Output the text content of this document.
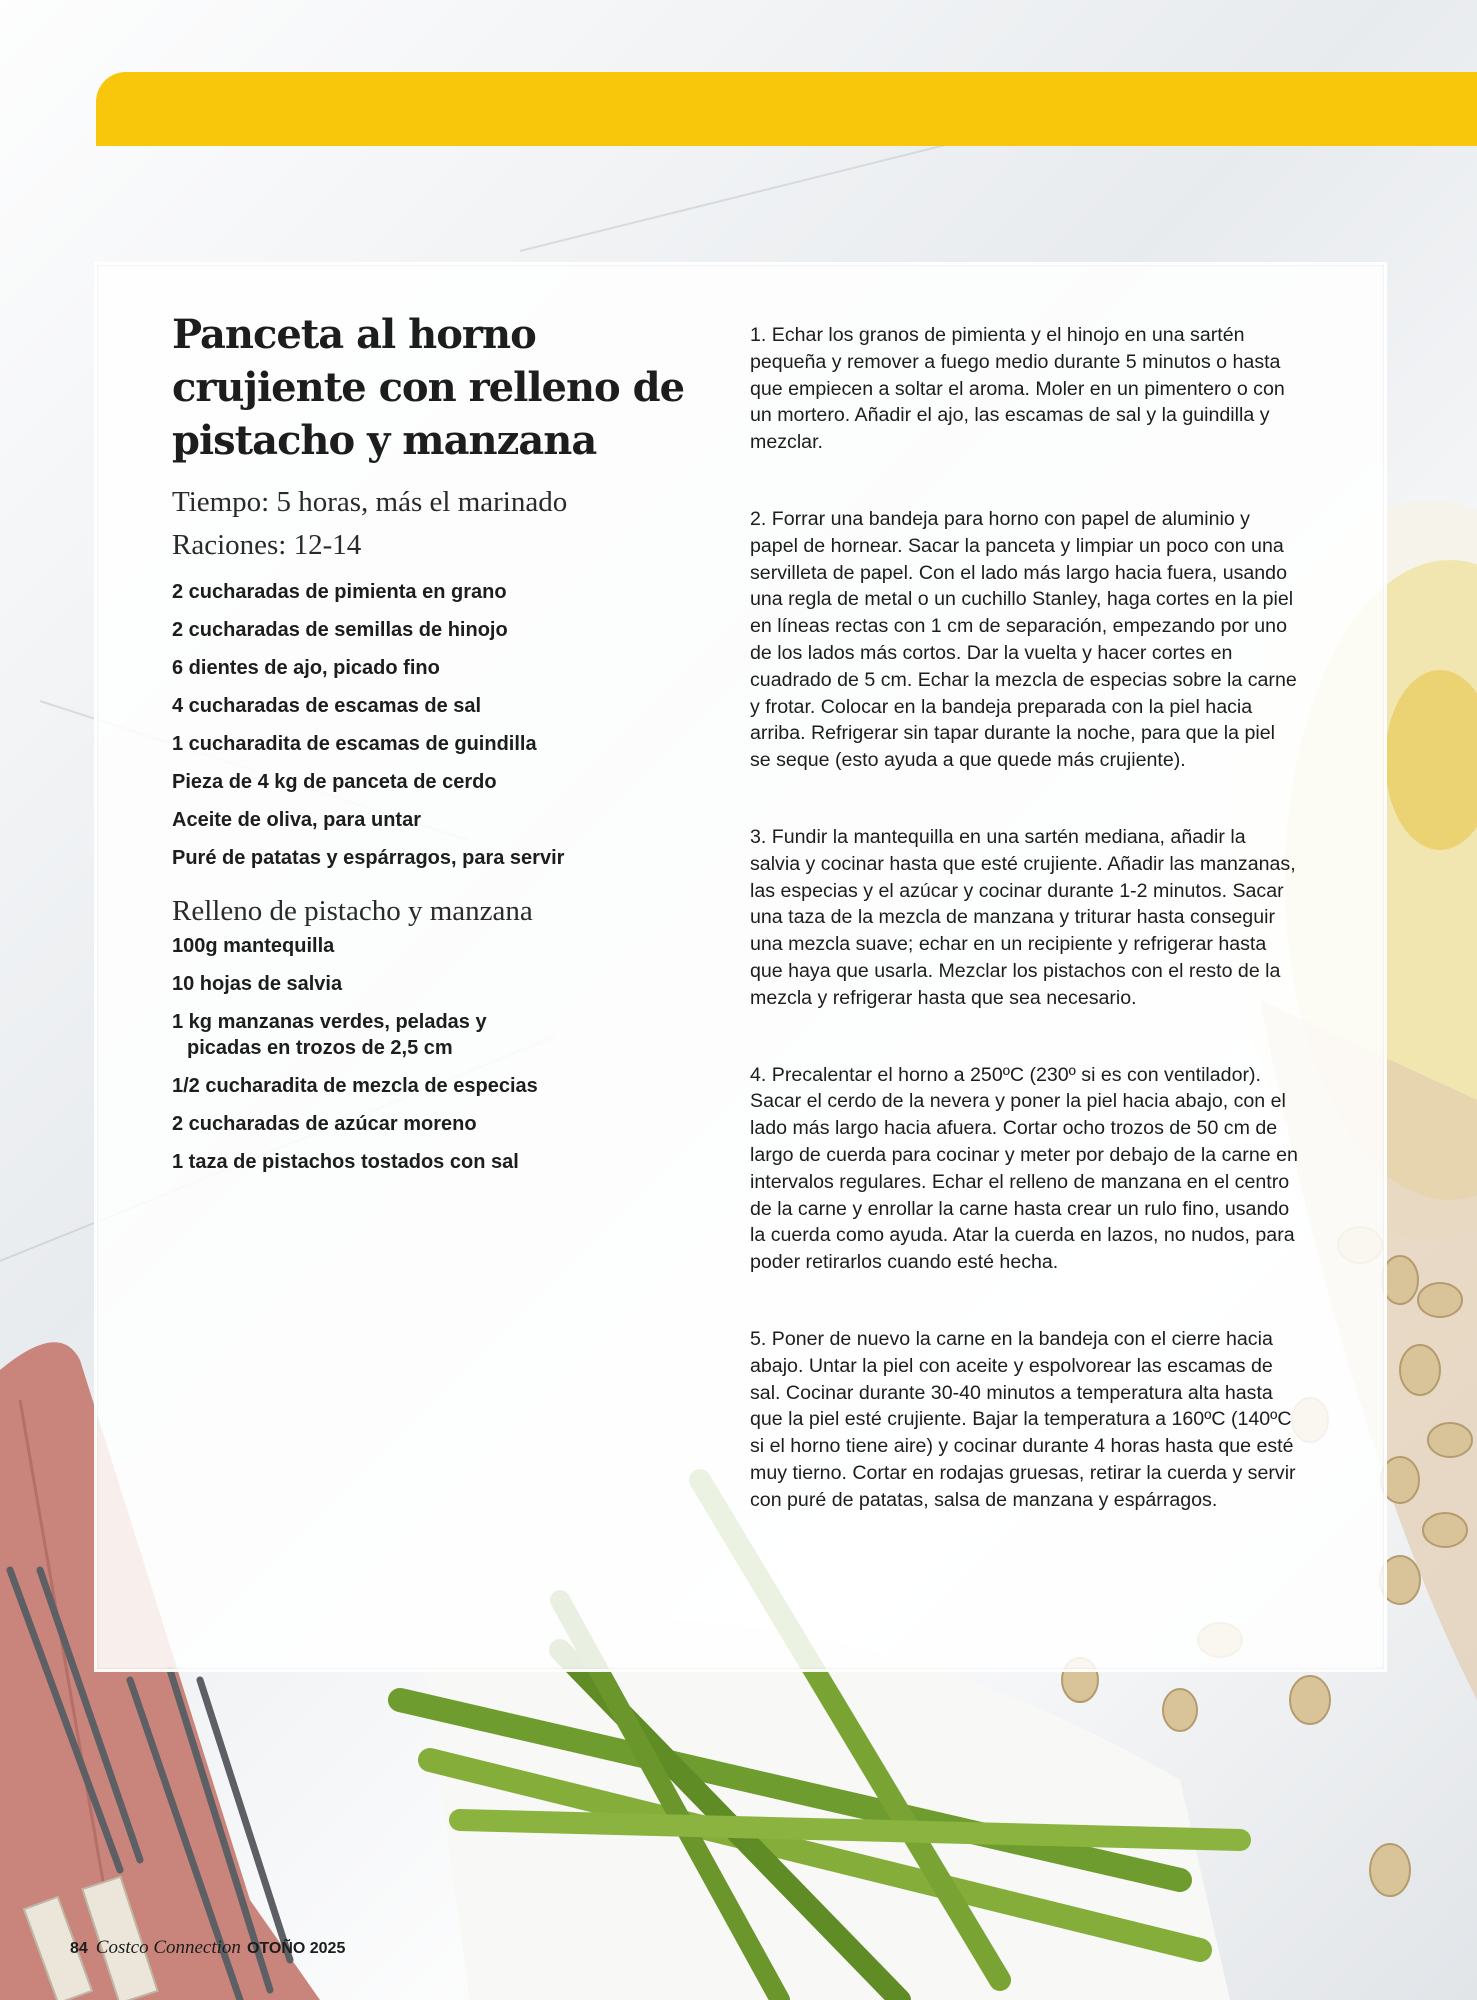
Panceta al horno crujiente con relleno de pistacho y manzana
Tiempo: 5 horas, más el marinado
Raciones: 12-14
2 cucharadas de pimienta en grano
2 cucharadas de semillas de hinojo
6 dientes de ajo, picado fino
4 cucharadas de escamas de sal
1 cucharadita de escamas de guindilla
Pieza de 4 kg de panceta de cerdo
Aceite de oliva, para untar
Puré de patatas y espárragos, para servir
Relleno de pistacho y manzana
100g mantequilla
10 hojas de salvia
1 kg manzanas verdes, peladas y
picadas en trozos de 2,5 cm
1/2 cucharadita de mezcla de especias
2 cucharadas de azúcar moreno
1 taza de pistachos tostados con sal

1. Echar los granos de pimienta y el hinojo en una sartén pequeña y remover a fuego medio durante 5 minutos o hasta que empiecen a soltar el aroma. Moler en un pimentero o con un mortero. Añadir el ajo, las escamas de sal y la guindilla y mezclar.

2. Forrar una bandeja para horno con papel de aluminio y papel de hornear. Sacar la panceta y limpiar un poco con una servilleta de papel. Con el lado más largo hacia fuera, usando una regla de metal o un cuchillo Stanley, haga cortes en la piel en líneas rectas con 1 cm de separación, empezando por uno de los lados más cortos. Dar la vuelta y hacer cortes en cuadrado de 5 cm. Echar la mezcla de especias sobre la carne y frotar. Colocar en la bandeja preparada con la piel hacia arriba. Refrigerar sin tapar durante la noche, para que la piel se seque (esto ayuda a que quede más crujiente).

3. Fundir la mantequilla en una sartén mediana, añadir la salvia y cocinar hasta que esté crujiente. Añadir las manzanas, las especias y el azúcar y cocinar durante 1-2 minutos. Sacar una taza de la mezcla de manzana y triturar hasta conseguir una mezcla suave; echar en un recipiente y refrigerar hasta que haya que usarla. Mezclar los pistachos con el resto de la mezcla y refrigerar hasta que sea necesario.

4. Precalentar el horno a 250ºC (230º si es con ventilador). Sacar el cerdo de la nevera y poner la piel hacia abajo, con el lado más largo hacia afuera. Cortar ocho trozos de 50 cm de largo de cuerda para cocinar y meter por debajo de la carne en intervalos regulares. Echar el relleno de manzana en el centro de la carne y enrollar la carne hasta crear un rulo fino, usando la cuerda como ayuda. Atar la cuerda en lazos, no nudos, para poder retirarlos cuando esté hecha.

5. Poner de nuevo la carne en la bandeja con el cierre hacia abajo. Untar la piel con aceite y espolvorear las escamas de sal. Cocinar durante 30-40 minutos a temperatura alta hasta que la piel esté crujiente. Bajar la temperatura a 160ºC (140ºC si el horno tiene aire) y cocinar durante 4 horas hasta que esté muy tierno. Cortar en rodajas gruesas, retirar la cuerda y servir con puré de patatas, salsa de manzana y espárragos.

84 Costco Connection OTOÑO 2025
